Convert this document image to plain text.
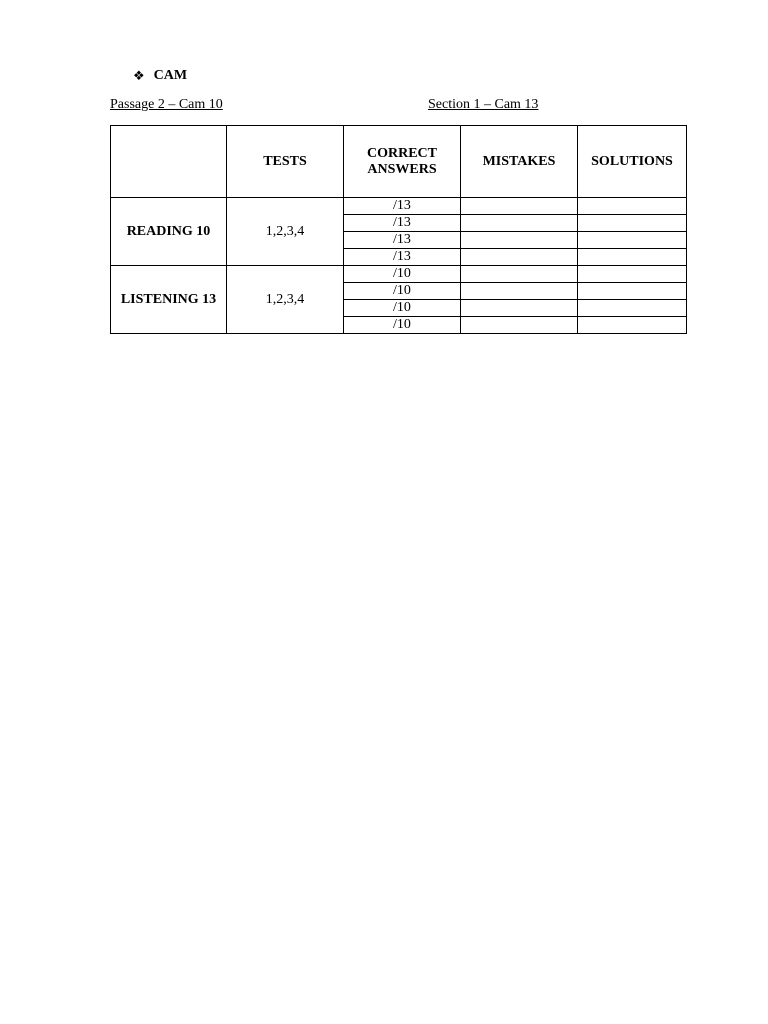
❖ CAM
Passage 2 – Cam 10	Section 1 – Cam 13
	TESTS	CORRECT ANSWERS	MISTAKES	SOLUTIONS
READING 10	1,2,3,4	/13		
		/13		
		/13		
		/13		
LISTENING 13	1,2,3,4	/10		
		/10		
		/10		
		/10		
